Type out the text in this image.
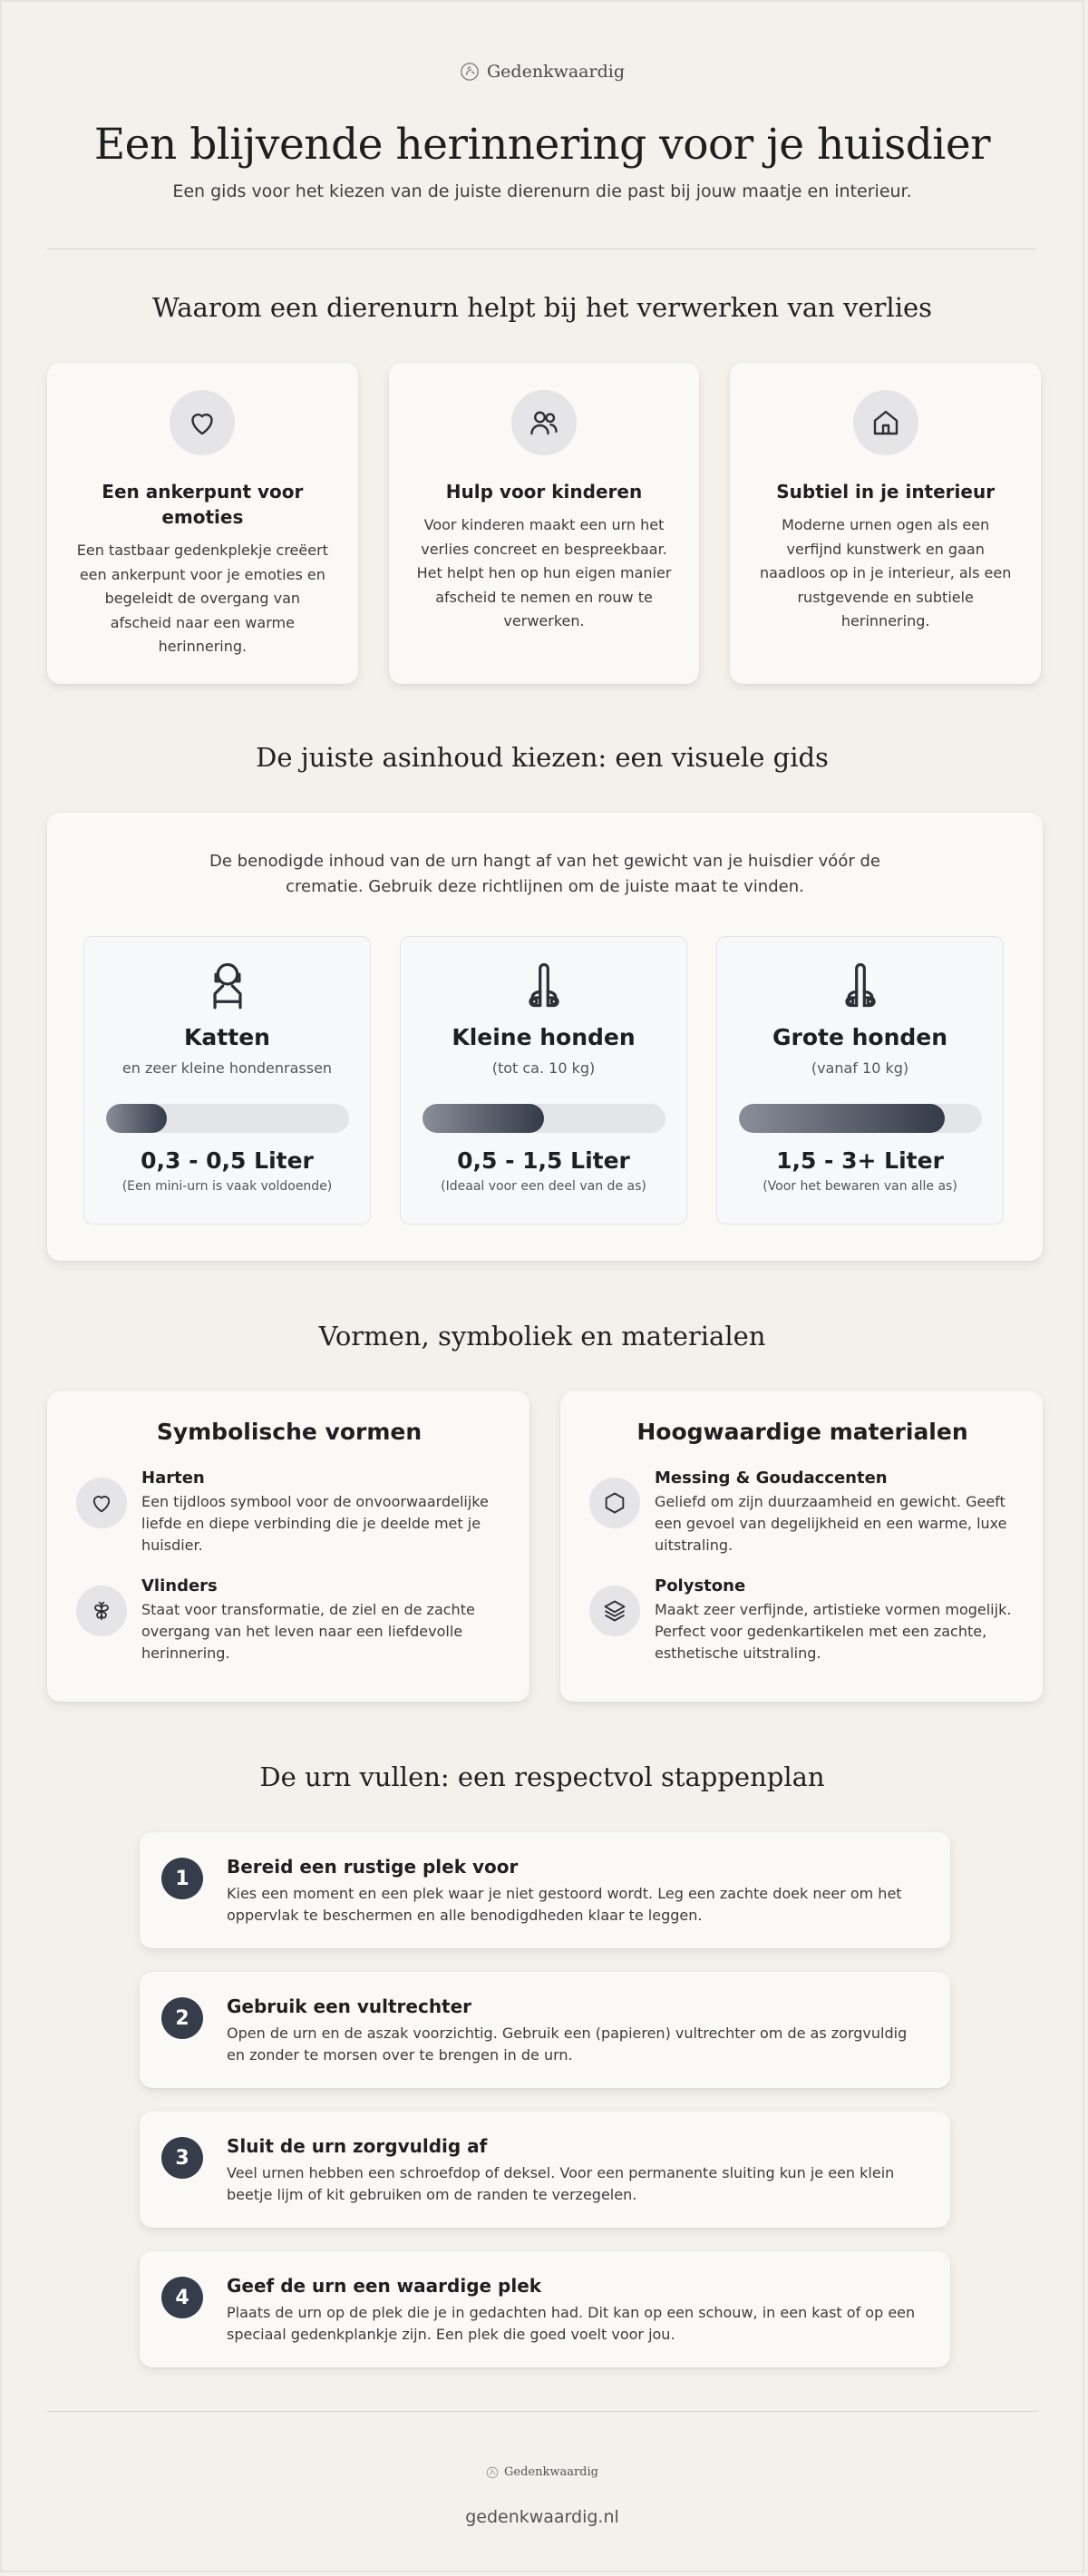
Gedenkwaardig
Een blijvende herinnering voor je huisdier
Een gids voor het kiezen van de juiste dierenurn die past bij jouw maatje en interieur.
Waarom een dierenurn helpt bij het verwerken van verlies
Een ankerpunt voor emoties

Een tastbaar gedenkplekje creëert een ankerpunt voor je emoties en begeleidt de overgang van afscheid naar een warme herinnering.

Hulp voor kinderen

Voor kinderen maakt een urn het verlies concreet en bespreekbaar. Het helpt hen op hun eigen manier afscheid te nemen en rouw te verwerken.

Subtiel in je interieur

Moderne urnen ogen als een verfijnd kunstwerk en gaan naadloos op in je interieur, als een rustgevende en subtiele herinnering.

De juiste asinhoud kiezen: een visuele gids
De benodigde inhoud van de urn hangt af van het gewicht van je huisdier vóór de crematie. Gebruik deze richtlijnen om de juiste maat te vinden.
Katten
en zeer kleine hondenrassen
0,3 - 0,5 Liter
(Een mini-urn is vaak voldoende)
Kleine honden
(tot ca. 10 kg)
0,5 - 1,5 Liter
(Ideaal voor een deel van de as)
Grote honden
(vanaf 10 kg)
1,5 - 3+ Liter
(Voor het bewaren van alle as)
Vormen, symboliek en materialen
Symbolische vormen
Harten

Een tijdloos symbool voor de onvoorwaardelijke liefde en diepe verbinding die je deelde met je huisdier.

Vlinders

Staat voor transformatie, de ziel en de zachte overgang van het leven naar een liefdevolle herinnering.

Hoogwaardige materialen
Messing & Goudaccenten

Geliefd om zijn duurzaamheid en gewicht. Geeft een gevoel van degelijkheid en een warme, luxe uitstraling.

Polystone

Maakt zeer verfijnde, artistieke vormen mogelijk. Perfect voor gedenkartikelen met een zachte, esthetische uitstraling.

De urn vullen: een respectvol stappenplan
1
Bereid een rustige plek voor

Kies een moment en een plek waar je niet gestoord wordt. Leg een zachte doek neer om het oppervlak te beschermen en alle benodigdheden klaar te leggen.

2
Gebruik een vultrechter

Open de urn en de aszak voorzichtig. Gebruik een (papieren) vultrechter om de as zorgvuldig en zonder te morsen over te brengen in de urn.

3
Sluit de urn zorgvuldig af

Veel urnen hebben een schroefdop of deksel. Voor een permanente sluiting kun je een klein beetje lijm of kit gebruiken om de randen te verzegelen.

4
Geef de urn een waardige plek

Plaats de urn op de plek die je in gedachten had. Dit kan op een schouw, in een kast of op een speciaal gedenkplankje zijn. Een plek die goed voelt voor jou.

Gedenkwaardig
gedenkwaardig.nl
